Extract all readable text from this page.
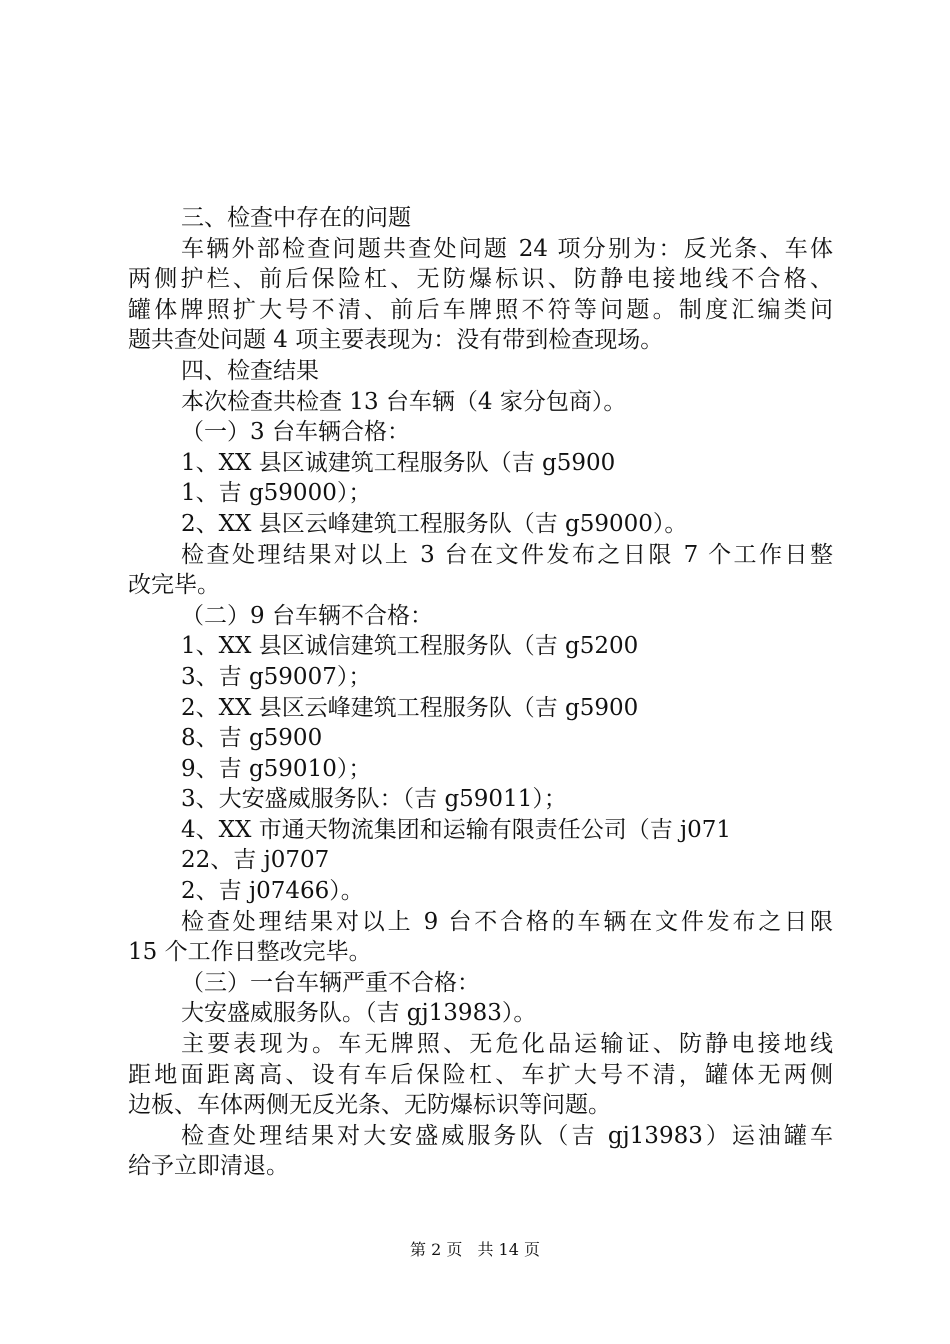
三、检查中存在的问题
车辆外部检查问题共查处问题 24 项分别为：反光条、车体
两侧护栏、前后保险杠、无防爆标识、防静电接地线不合格、
罐体牌照扩大号不清、前后车牌照不符等问题。制度汇编类问
题共查处问题 4 项主要表现为：没有带到检查现场。
四、检查结果
本次检查共检查 13 台车辆（4 家分包商）。
（一）3 台车辆合格：
1、XX 县区诚建筑工程服务队（吉 g5900
1、吉 g59000）；
2、XX 县区云峰建筑工程服务队（吉 g59000）。
检查处理结果对以上 3 台在文件发布之日限 7 个工作日整
改完毕。
（二）9 台车辆不合格：
1、XX 县区诚信建筑工程服务队（吉 g5200
3、吉 g59007）；
2、XX 县区云峰建筑工程服务队（吉 g5900
8、吉 g5900
9、吉 g59010）；
3、大安盛威服务队：（吉 g59011）；
4、XX 市通天物流集团和运输有限责任公司（吉 j071
22、吉 j0707
2、吉 j07466）。
检查处理结果对以上 9 台不合格的车辆在文件发布之日限
15 个工作日整改完毕。
（三）一台车辆严重不合格：
大安盛威服务队。（吉 gj13983）。
主要表现为。车无牌照、无危化品运输证、防静电接地线
距地面距离高、设有车后保险杠、车扩大号不清，罐体无两侧
边板、车体两侧无反光条、无防爆标识等问题。
检查处理结果对大安盛威服务队（吉 gj13983）运油罐车
给予立即清退。
第 2 页 共 14 页
